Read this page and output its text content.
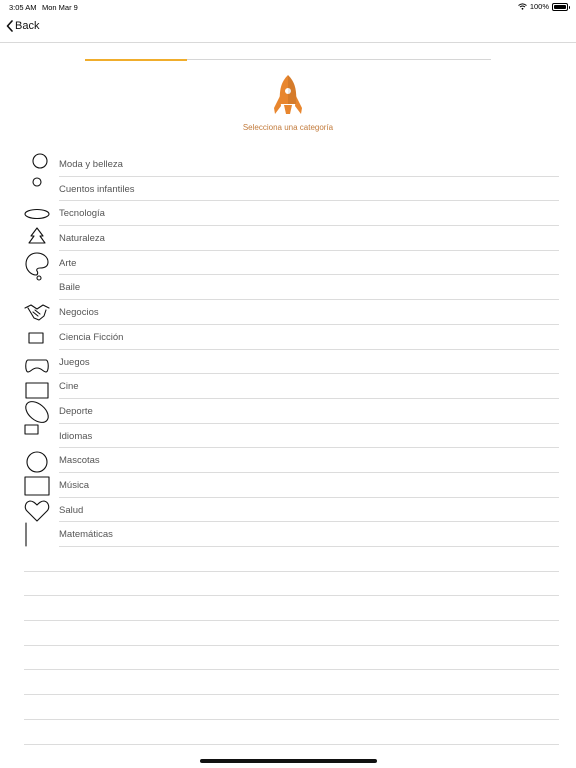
3:05 AM Mon Mar 9	100%
Back
Selecciona una categoría
Moda y belleza
Cuentos infantiles
Tecnología
Naturaleza
Arte
Baile
Negocios
Ciencia Ficción
Juegos
Cine
Deporte
Idiomas
Mascotas
Música
Salud
Matemáticas
